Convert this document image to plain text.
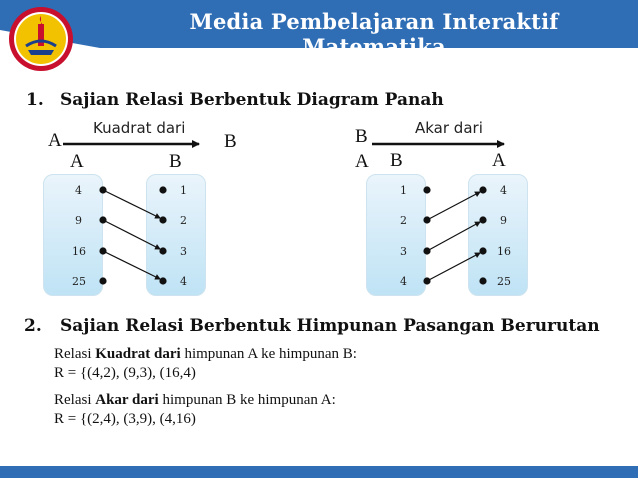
Media Pembelajaran Interaktif Matematika
1. Sajian Relasi Berbentuk Diagram Panah
A
Kuadrat dari
B
A	B
4
9
16
25
1
2
3
4
B	Akar dari
A B	A
1
2
3
4
4
9
16
25
2. Sajian Relasi Berbentuk Himpunan Pasangan Berurutan
Relasi Kuadrat dari himpunan A ke himpunan B:
R = {(4,2), (9,3), (16,4)
Relasi Akar dari himpunan B ke himpunan A:
R = {(2,4), (3,9), (4,16)
